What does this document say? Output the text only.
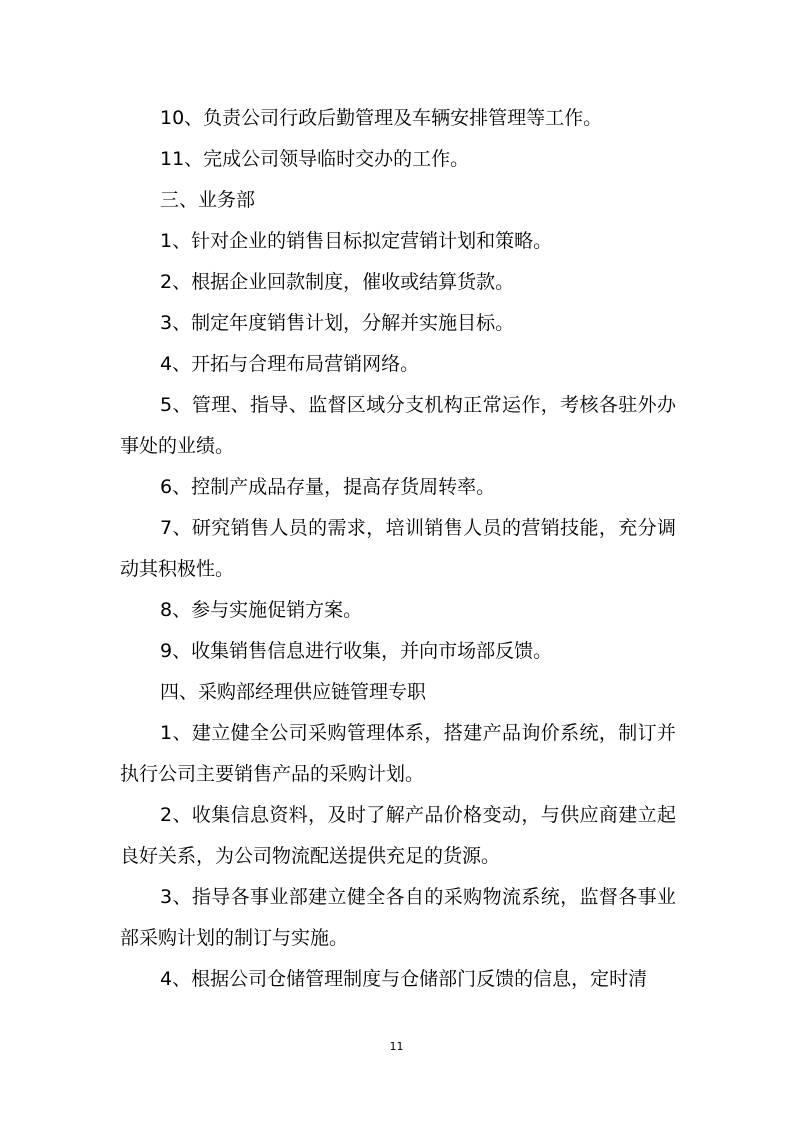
10、负责公司行政后勤管理及车辆安排管理等工作。

11、完成公司领导临时交办的工作。

三、业务部

1、针对企业的销售目标拟定营销计划和策略。

2、根据企业回款制度，催收或结算货款。

3、制定年度销售计划，分解并实施目标。

4、开拓与合理布局营销网络。

5、管理、指导、监督区域分支机构正常运作，考核各驻外办事处的业绩。

6、控制产成品存量，提高存货周转率。

7、研究销售人员的需求，培训销售人员的营销技能，充分调动其积极性。

8、参与实施促销方案。

9、收集销售信息进行收集，并向市场部反馈。

四、采购部经理供应链管理专职

1、建立健全公司采购管理体系，搭建产品询价系统，制订并执行公司主要销售产品的采购计划。

2、收集信息资料，及时了解产品价格变动，与供应商建立起良好关系，为公司物流配送提供充足的货源。

3、指导各事业部建立健全各自的采购物流系统，监督各事业部采购计划的制订与实施。

4、根据公司仓储管理制度与仓储部门反馈的信息，定时清

11
